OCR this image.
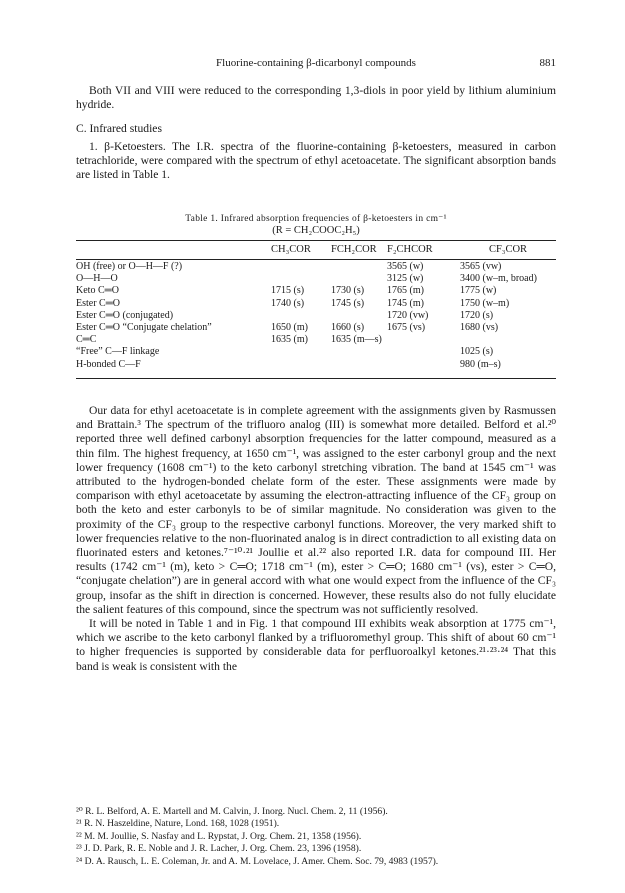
Fluorine-containing β-dicarbonyl compounds	881

Both VII and VIII were reduced to the corresponding 1,3-diols in poor yield by lithium aluminium hydride.

C. Infrared studies

1. β-Ketoesters. The I.R. spectra of the fluorine-containing β-ketoesters, measured in carbon tetrachloride, were compared with the spectrum of ethyl acetoacetate. The significant absorption bands are listed in Table 1.

Table 1. Infrared absorption frequencies of β-ketoesters in cm⁻¹
(R = CH₂COOC₂H₅)
	CH₃COR	FCH₂COR	F₂CHCOR	CF₃COR

OH (free) or O—H—F (?)			3565 (w)	3565 (vw)
O—H—O			3125 (w)	3400 (w–m, broad)
Keto C═O	1715 (s)	1730 (s)	1765 (m)	1775 (w)
Ester C═O	1740 (s)	1745 (s)	1745 (m)	1750 (w–m)
Ester C═O (conjugated)			1720 (vw)	1720 (s)
Ester C═O “Conjugate chelation”	1650 (m)	1660 (s)	1675 (vs)	1680 (vs)
C═C	1635 (m)	1635 (m—s)		
“Free” C—F linkage				1025 (s)
H-bonded C—F				980 (m–s)

Our data for ethyl acetoacetate is in complete agreement with the assignments given by Rasmussen and Brattain.³ The spectrum of the trifluoro analog (III) is somewhat more detailed. Belford et al.²⁰ reported three well defined carbonyl absorption frequencies for the latter compound, measured as a thin film. The highest frequency, at 1650 cm⁻¹, was assigned to the ester carbonyl group and the next lower frequency (1608 cm⁻¹) to the keto carbonyl stretching vibration. The band at 1545 cm⁻¹ was attributed to the hydrogen-bonded chelate form of the ester. These assignments were made by comparison with ethyl acetoacetate by assuming the electron-attracting influence of the CF₃ group on both the keto and ester carbonyls to be of similar magnitude. No consideration was given to the proximity of the CF₃ group to the respective carbonyl functions. Moreover, the very marked shift to lower frequencies relative to the non-fluorinated analog is in direct contradiction to all existing data on fluorinated esters and ketones.⁷⁻¹⁰·²¹ Joullie et al.²² also reported I.R. data for compound III. Her results (1742 cm⁻¹ (m), keto > C═O; 1718 cm⁻¹ (m), ester > C═O; 1680 cm⁻¹ (vs), ester > C═O, “conjugate chelation”) are in general accord with what one would expect from the influence of the CF₃ group, insofar as the shift in direction is concerned. However, these results also do not fully elucidate the salient features of this compound, since the spectrum was not sufficiently resolved.

It will be noted in Table 1 and in Fig. 1 that compound III exhibits weak absorption at 1775 cm⁻¹, which we ascribe to the keto carbonyl flanked by a trifluoromethyl group. This shift of about 60 cm⁻¹ to higher frequencies is supported by considerable data for perfluoroalkyl ketones.²¹·²³·²⁴ That this band is weak is consistent with the

²⁰ R. L. Belford, A. E. Martell and M. Calvin, J. Inorg. Nucl. Chem. 2, 11 (1956).

²¹ R. N. Haszeldine, Nature, Lond. 168, 1028 (1951).

²² M. M. Joullie, S. Nasfay and L. Rypstat, J. Org. Chem. 21, 1358 (1956).

²³ J. D. Park, R. E. Noble and J. R. Lacher, J. Org. Chem. 23, 1396 (1958).

²⁴ D. A. Rausch, L. E. Coleman, Jr. and A. M. Lovelace, J. Amer. Chem. Soc. 79, 4983 (1957).
